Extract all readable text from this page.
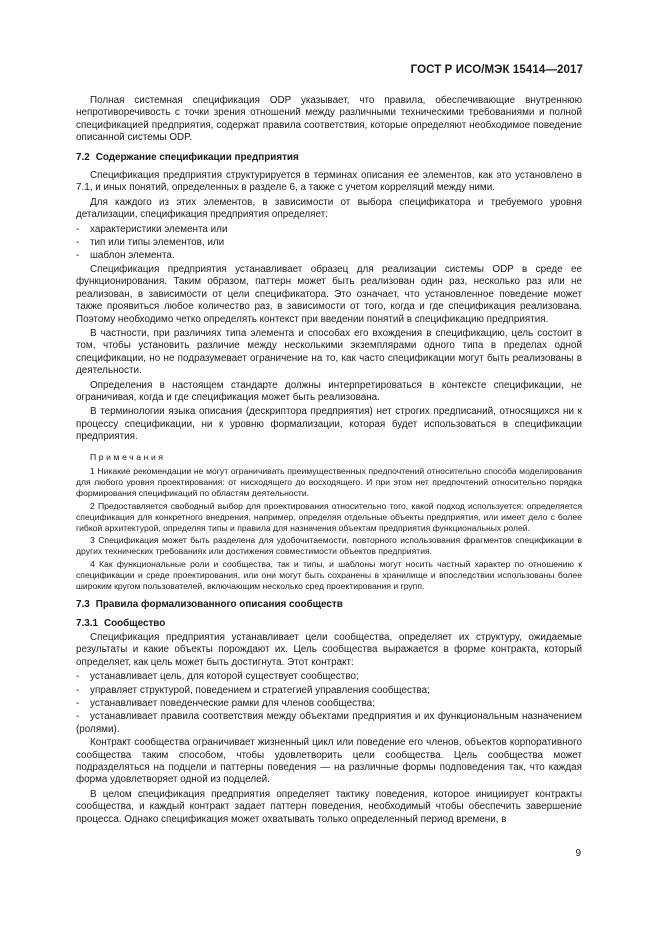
ГОСТ Р ИСО/МЭК 15414—2017

Полная системная спецификация ODP указывает, что правила, обеспечивающие внутреннюю непротиворечивость с точки зрения отношений между различными техническими требованиями и полной спецификацией предприятия, содержат правила соответствия, которые определяют необходимое поведение описанной системы ODP.

7.2 Содержание спецификации предприятия

Спецификация предприятия структурируется в терминах описания ее элементов, как это установлено в 7.1, и иных понятий, определенных в разделе 6, а также с учетом корреляций между ними.

Для каждого из этих элементов, в зависимости от выбора спецификатора и требуемого уровня детализации, спецификация предприятия определяет:

- характеристики элемента или
- тип или типы элементов, или
- шаблон элемента.

Спецификация предприятия устанавливает образец для реализации системы ODP в среде ее функционирования. Таким образом, паттерн может быть реализован один раз, несколько раз или не реализован, в зависимости от цели спецификатора. Это означает, что установленное поведение может также проявиться любое количество раз, в зависимости от того, когда и где спецификация реализована. Поэтому необходимо четко определять контекст при введении понятий в спецификацию предприятия.

В частности, при различиях типа элемента и способах его вхождения в спецификацию, цель состоит в том, чтобы установить различие между несколькими экземплярами одного типа в пределах одной спецификации, но не подразумевает ограничение на то, как часто спецификации могут быть реализованы в деятельности.

Определения в настоящем стандарте должны интерпретироваться в контексте спецификации, не ограничивая, когда и где спецификация может быть реализована.

В терминологии языка описания (дескриптора предприятия) нет строгих предписаний, относящихся ни к процессу спецификации, ни к уровню формализации, которая будет использоваться в спецификации предприятия.

Примечания

1 Никакие рекомендации не могут ограничивать преимущественных предпочтений относительно способа моделирования для любого уровня проектирования: от нисходящего до восходящего. И при этом нет предпочтений относительно порядка формирования спецификаций по областям деятельности.

2 Предоставляется свободный выбор для проектирования относительно того, какой подход используется: определяется спецификация для конкретного внедрения, например, определяя отдельные объекты предприятия, или имеет дело с более гибкой архитектурой, определяя типы и правила для назначения объектам предприятия функциональных ролей.

3 Спецификация может быть разделена для удобочитаемости, повторного использования фрагментов спецификации в других технических требованиях или достижения совместимости объектов предприятия.

4 Как функциональные роли и сообщества, так и типы, и шаблоны могут носить частный характер по отношению к спецификации и среде проектирования, или они могут быть сохранены в хранилище и впоследствии использованы более широким кругом пользователей, включающим несколько сред проектирования и групп.

7.3 Правила формализованного описания сообществ
7.3.1 Сообщество

Спецификация предприятия устанавливает цели сообщества, определяет их структуру, ожидаемые результаты и какие объекты порождают их. Цель сообщества выражается в форме контракта, который определяет, как цель может быть достигнута. Этот контракт:

- устанавливает цель, для которой существует сообщество;
- управляет структурой, поведением и стратегией управления сообщества;
- устанавливает поведенческие рамки для членов сообщества;
- устанавливает правила соответствия между объектами предприятия и их функциональным назначением (ролями).

Контракт сообщества ограничивает жизненный цикл или поведение его членов, объектов корпоративного сообщества таким способом, чтобы удовлетворить цели сообщества. Цель сообщества может подразделяться на подцели и паттерны поведения — на различные формы подповедения так, что каждая форма удовлетворяет одной из подцелей.

В целом спецификация предприятия определяет тактику поведения, которое инициирует контракты сообщества, и каждый контракт задает паттерн поведения, необходимый чтобы обеспечить завершение процесса. Однако спецификация может охватывать только определенный период времени, в

9
